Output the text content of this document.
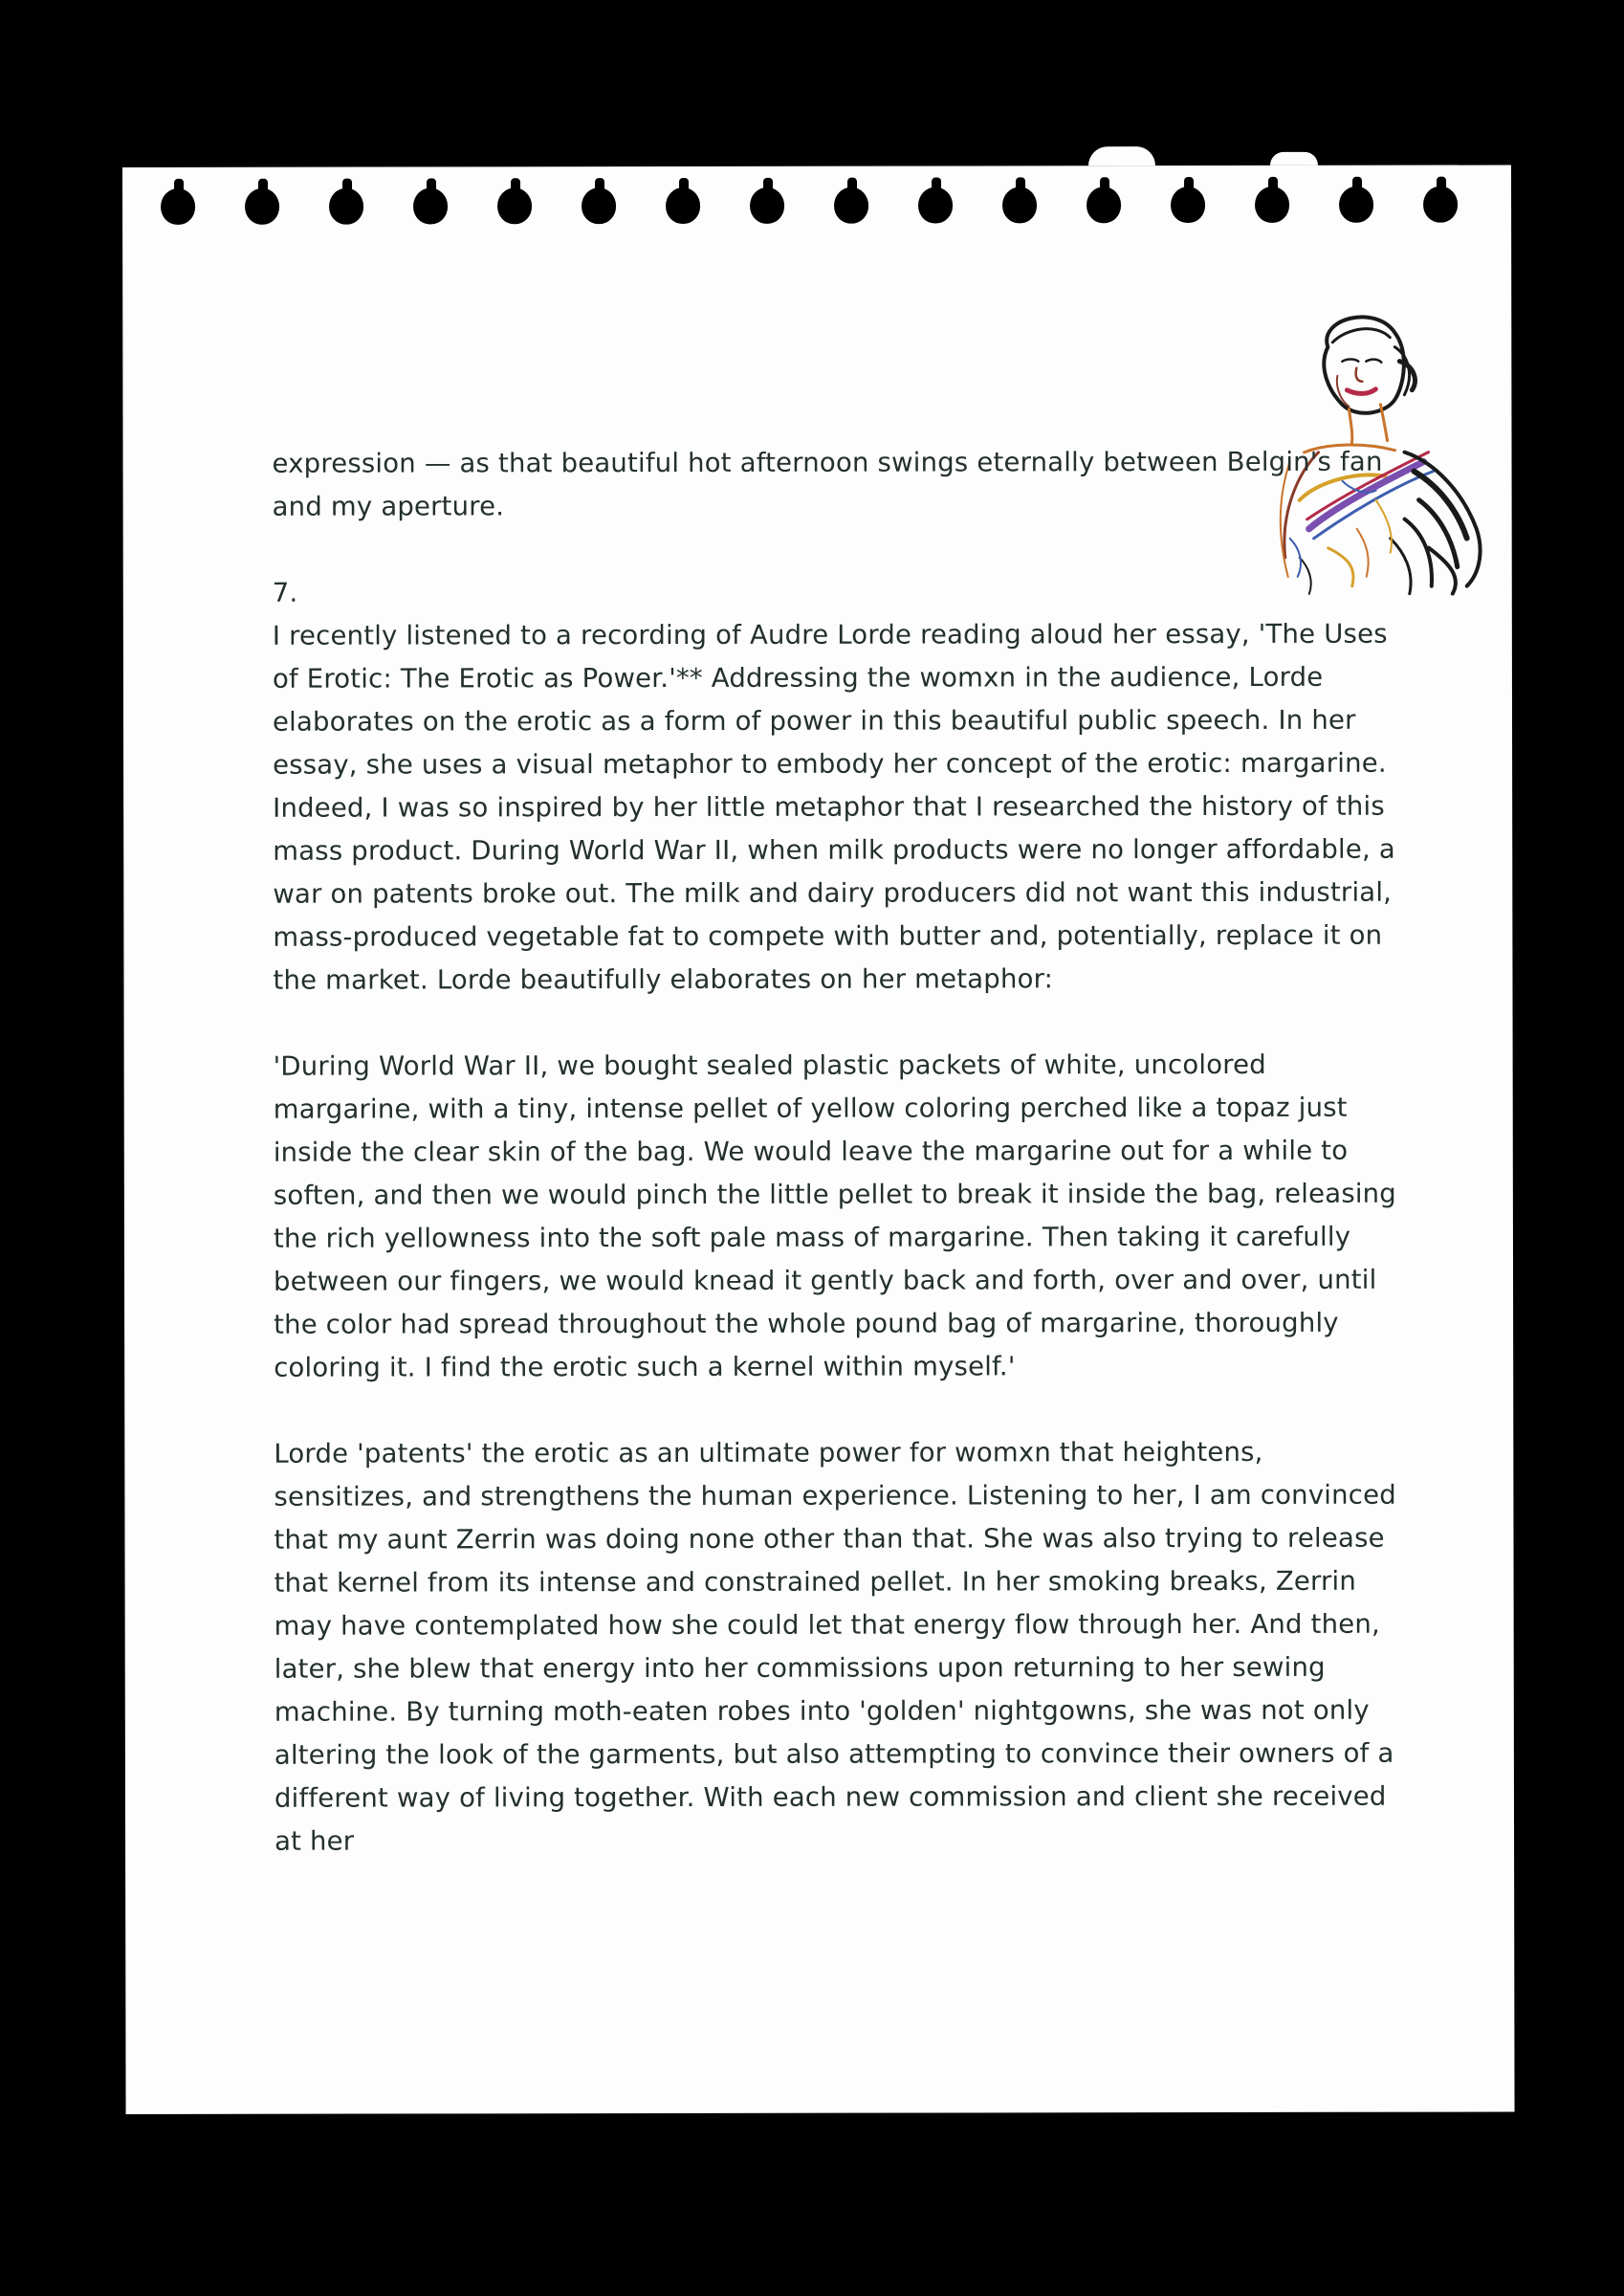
expression — as that beautiful hot afternoon swings eternally between Belgin's fan and my aperture.

7.

I recently listened to a recording of Audre Lorde reading aloud her essay, 'The Uses of Erotic: The Erotic as Power.'** Addressing the womxn in the audience, Lorde elaborates on the erotic as a form of power in this beautiful public speech. In her essay, she uses a visual metaphor to embody her concept of the erotic: margarine. Indeed, I was so inspired by her little metaphor that I researched the history of this mass product. During World War II, when milk products were no longer affordable, a war on patents broke out. The milk and dairy producers did not want this industrial, mass-produced vegetable fat to compete with butter and, potentially, replace it on the market. Lorde beautifully elaborates on her metaphor:

'During World War II, we bought sealed plastic packets of white, uncolored margarine, with a tiny, intense pellet of yellow coloring perched like a topaz just inside the clear skin of the bag. We would leave the margarine out for a while to soften, and then we would pinch the little pellet to break it inside the bag, releasing the rich yellowness into the soft pale mass of margarine. Then taking it carefully between our fingers, we would knead it gently back and forth, over and over, until the color had spread throughout the whole pound bag of margarine, thoroughly coloring it. I find the erotic such a kernel within myself.'

Lorde 'patents' the erotic as an ultimate power for womxn that heightens, sensitizes, and strengthens the human experience. Listening to her, I am convinced that my aunt Zerrin was doing none other than that. She was also trying to release that kernel from its intense and constrained pellet. In her smoking breaks, Zerrin may have contemplated how she could let that energy flow through her. And then, later, she blew that energy into her commissions upon returning to her sewing machine. By turning moth-eaten robes into 'golden' nightgowns, she was not only altering the look of the garments, but also attempting to convince their owners of a different way of living together. With each new commission and client she received at her
